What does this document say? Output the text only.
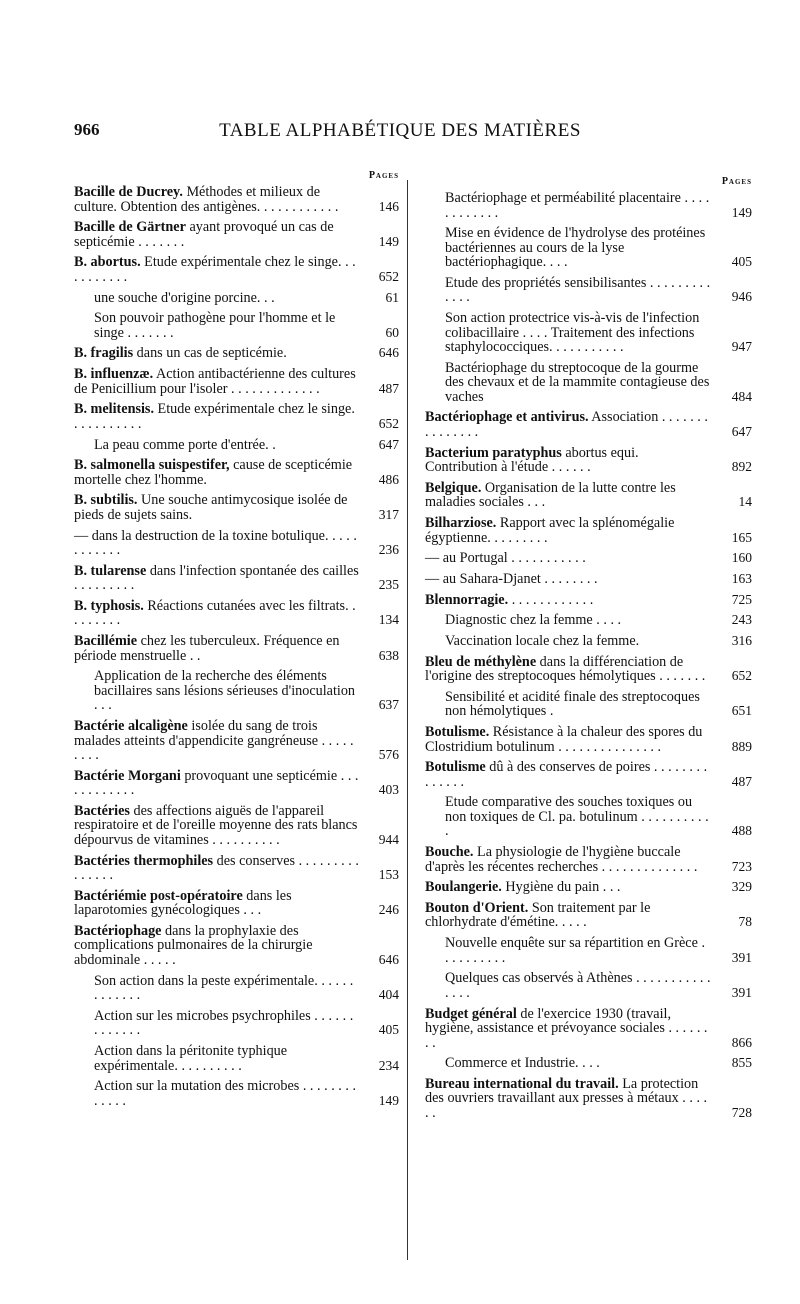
966	TABLE ALPHABÉTIQUE DES MATIÈRES
Pages
Bacille de Ducrey. Méthodes et milieux de culture. Obtention des antigènes. . . . . . . . . . . .	146
Bacille de Gärtner ayant provoqué un cas de septicémie . . . . . . .	149
B. abortus. Etude expérimentale chez le singe. . . . . . . . . . .	652
une souche d'origine porcine. . .	61
Son pouvoir pathogène pour l'homme et le singe . . . . . . .	60
B. fragilis dans un cas de septicémie.	646
B. influenzæ. Action antibactérienne des cultures de Penicillium pour l'isoler . . . . . . . . . . . . .	487
B. melitensis. Etude expérimentale chez le singe. . . . . . . . . . .	652
La peau comme porte d'entrée. .	647
B. salmonella suispestifer, cause de scepticémie mortelle chez l'homme.	486
B. subtilis. Une souche antimycosique isolée de pieds de sujets sains.	317
— dans la destruction de la toxine botulique. . . . . . . . . . . .	236
B. tularense dans l'infection spontanée des cailles . . . . . . . . .	235
B. typhosis. Réactions cutanées avec les filtrats. . . . . . . . .	134
Bacillémie chez les tuberculeux. Fréquence en période menstruelle . .	638
Application de la recherche des éléments bacillaires sans lésions sérieuses d'inoculation . . .	637
Bactérie alcaligène isolée du sang de trois malades atteints d'appendicite gangréneuse . . . . . . . . .	576
Bactérie Morgani provoquant une septicémie . . . . . . . . . . . .	403
Bactéries des affections aiguës de l'appareil respiratoire et de l'oreille moyenne des rats blancs dépourvus de vitamines . . . . . . . . . .	944
Bactéries thermophiles des conserves . . . . . . . . . . . . . . .	153
Bactériémie post-opératoire dans les laparotomies gynécologiques . . .	246
Bactériophage dans la prophylaxie des complications pulmonaires de la chirurgie abdominale . . . . .	646
Son action dans la peste expérimentale. . . . . . . . . . . . .	404
Action sur les microbes psychrophiles . . . . . . . . . . . . .	405
Action dans la péritonite typhique expérimentale. . . . . . . . . .	234
Action sur la mutation des microbes . . . . . . . . . . . . .	149
Pages
Bactériophage et perméabilité placentaire . . . . . . . . . . . .	149
Mise en évidence de l'hydrolyse des protéines bactériennes au cours de la lyse bactériophagique. . . .	405
Etude des propriétés sensibilisantes . . . . . . . . . . . . .	946
Son action protectrice vis-à-vis de l'infection colibacillaire . . . . Traitement des infections staphylococciques. . . . . . . . . . .	947
Bactériophage du streptocoque de la gourme des chevaux et de la mammite contagieuse des vaches	484
Bactériophage et antivirus. Association . . . . . . . . . . . . . . .	647
Bacterium paratyphus abortus equi. Contribution à l'étude . . . . . .	892
Belgique. Organisation de la lutte contre les maladies sociales . . .	14
Bilharziose. Rapport avec la splénomégalie égyptienne. . . . . . . . .	165
— au Portugal . . . . . . . . . . .	160
— au Sahara-Djanet . . . . . . . .	163
Blennorragie. . . . . . . . . . . . .	725
Diagnostic chez la femme . . . .	243
Vaccination locale chez la femme.	316
Bleu de méthylène dans la différenciation de l'origine des streptocoques hémolytiques . . . . . . .	652
Sensibilité et acidité finale des streptocoques non hémolytiques .	651
Botulisme. Résistance à la chaleur des spores du Clostridium botulinum . . . . . . . . . . . . . . .	889
Botulisme dû à des conserves de poires . . . . . . . . . . . . . .	487
Etude comparative des souches toxiques ou non toxiques de Cl. pa. botulinum . . . . . . . . . . .	488
Bouche. La physiologie de l'hygiène buccale d'après les récentes recherches . . . . . . . . . . . . . .	723
Boulangerie. Hygiène du pain . . .	329
Bouton d'Orient. Son traitement par le chlorhydrate d'émétine. . . . .	78
Nouvelle enquête sur sa répartition en Grèce . . . . . . . . . .	391
Quelques cas observés à Athènes . . . . . . . . . . . . . . .	391
Budget général de l'exercice 1930 (travail, hygiène, assistance et prévoyance sociales . . . . . . . .	866
Commerce et Industrie. . . .	855
Bureau international du travail. La protection des ouvriers travaillant aux presses à métaux . . . . . .	728
